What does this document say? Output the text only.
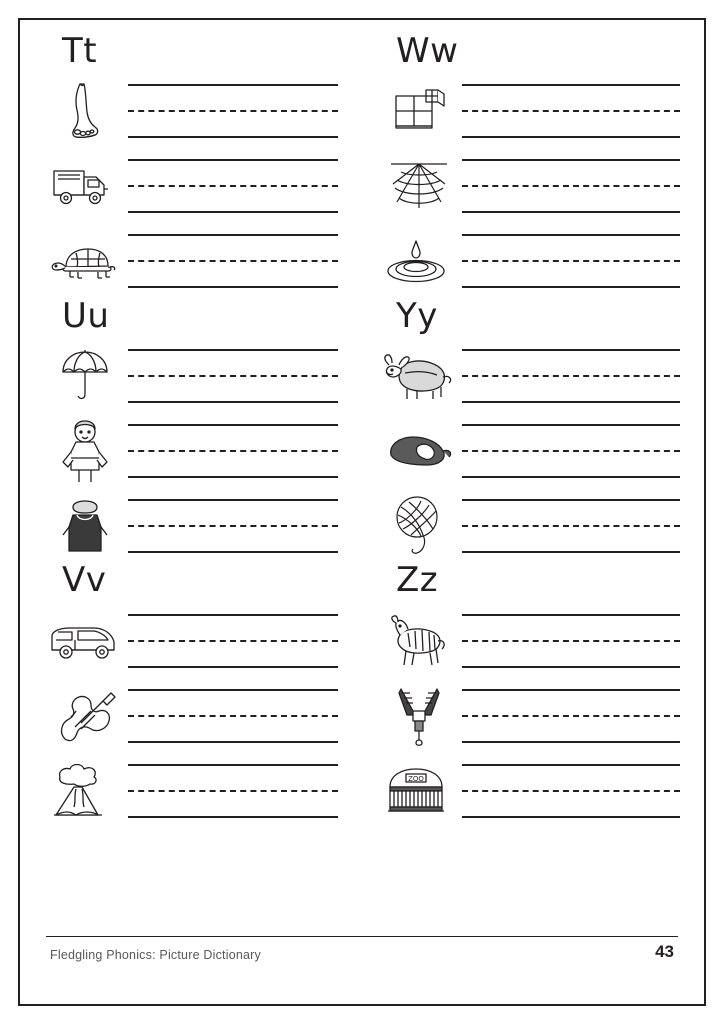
Tt
Uu
Vv
Ww
Yy
Zz
ZOO
Fledgling Phonics: Picture Dictionary	43
